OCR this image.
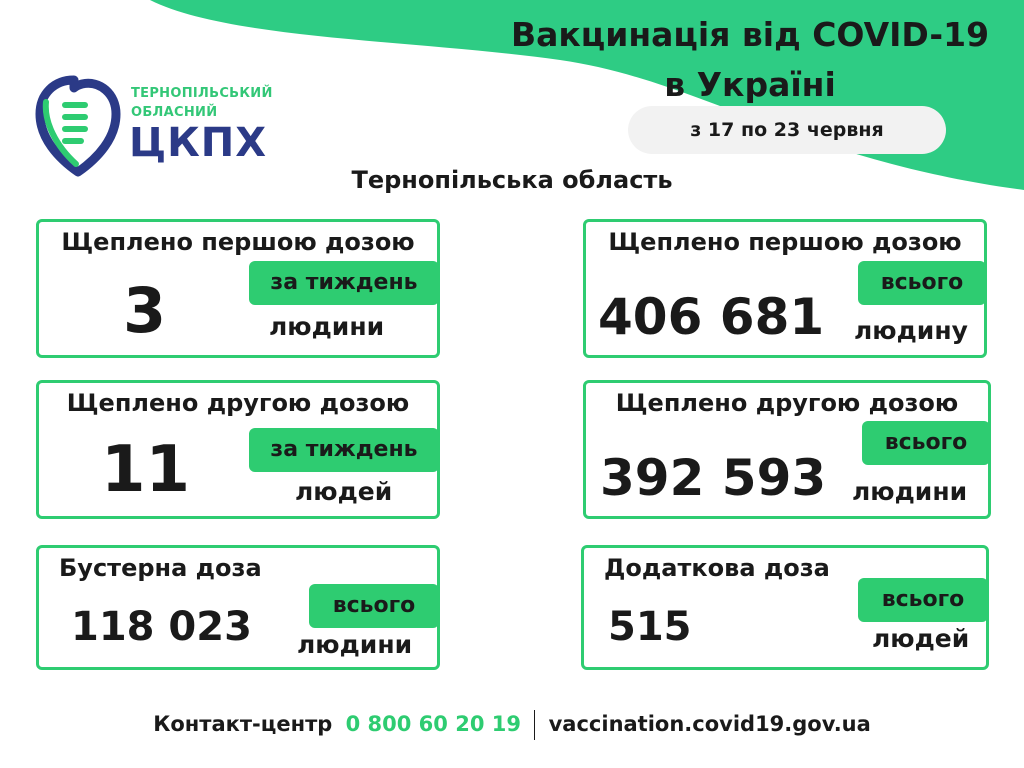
Вакцинація від COVID-19
в Україні
з 17 по 23 червня
ТЕРНОПІЛЬСЬКИЙ
ОБЛАСНИЙ
ЦКПХ
Тернопільська область
Щеплено першою дозою
3	за тиждень
людини
Щеплено першою дозою
406 681
всього
людину
Щеплено другою дозою
11	за тиждень
людей
Щеплено другою дозою
392 593
всього
людини
Бустерна доза
118 023	всього
людини
Додаткова доза
515
всього
людей
Контакт-центр 0 800 60 20 19 vaccination.covid19.gov.ua
